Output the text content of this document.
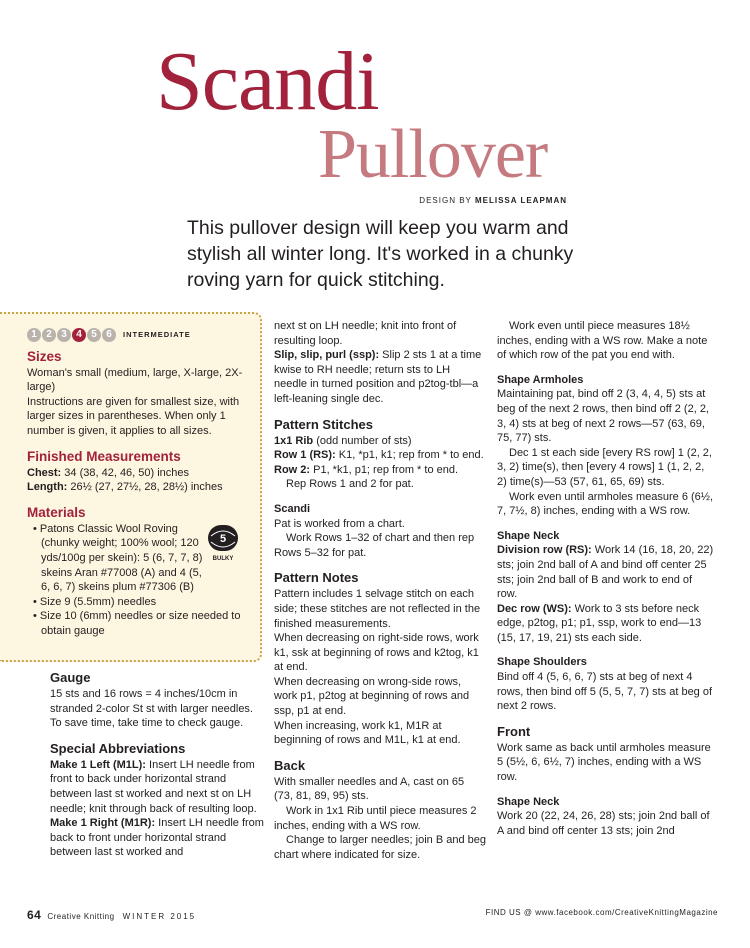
Scandi
Pullover
DESIGN BY MELISSA LEAPMAN

This pullover design will keep you warm and stylish all winter long. It's worked in a chunky roving yarn for quick stitching.

5
BULKY
1 2 3 4 5 6	INTERMEDIATE
Sizes

Woman's small (medium, large, X-large, 2X-large)

Instructions are given for smallest size, with larger sizes in parentheses. When only 1 number is given, it applies to all sizes.

Finished Measurements

Chest: 34 (38, 42, 46, 50) inches

Length: 26½ (27, 27½, 28, 28½) inches

Materials

• Patons Classic Wool Roving (chunky weight; 100% wool; 120 yds/100g per skein): 5 (6, 7, 7, 8) skeins Aran #77008 (A) and 4 (5, 6, 6, 7) skeins plum #77306 (B)

• Size 9 (5.5mm) needles

• Size 10 (6mm) needles or size needed to obtain gauge

Gauge

15 sts and 16 rows = 4 inches/10cm in stranded 2-color St st with larger needles.

To save time, take time to check gauge.

Special Abbreviations

Make 1 Left (M1L): Insert LH needle from front to back under horizontal strand between last st worked and next st on LH needle; knit through back of resulting loop.

Make 1 Right (M1R): Insert LH needle from back to front under horizontal strand between last st worked and

next st on LH needle; knit into front of resulting loop.

Slip, slip, purl (ssp): Slip 2 sts 1 at a time kwise to RH needle; return sts to LH needle in turned position and p2tog-tbl—a left-leaning single dec.

Pattern Stitches

1x1 Rib (odd number of sts)

Row 1 (RS): K1, *p1, k1; rep from * to end.

Row 2: P1, *k1, p1; rep from * to end.

Rep Rows 1 and 2 for pat.

Scandi

Pat is worked from a chart.

Work Rows 1–32 of chart and then rep Rows 5–32 for pat.

Pattern Notes

Pattern includes 1 selvage stitch on each side; these stitches are not reflected in the finished measurements.

When decreasing on right-side rows, work k1, ssk at beginning of rows and k2tog, k1 at end.

When decreasing on wrong-side rows, work p1, p2tog at beginning of rows and ssp, p1 at end.

When increasing, work k1, M1R at beginning of rows and M1L, k1 at end.

Back

With smaller needles and A, cast on 65 (73, 81, 89, 95) sts.

Work in 1x1 Rib until piece measures 2 inches, ending with a WS row.

Change to larger needles; join B and beg chart where indicated for size.

Work even until piece measures 18½ inches, ending with a WS row. Make a note of which row of the pat you end with.

Shape Armholes

Maintaining pat, bind off 2 (3, 4, 4, 5) sts at beg of the next 2 rows, then bind off 2 (2, 2, 3, 4) sts at beg of next 2 rows—57 (63, 69, 75, 77) sts.

Dec 1 st each side [every RS row] 1 (2, 2, 3, 2) time(s), then [every 4 rows] 1 (1, 2, 2, 2) time(s)—53 (57, 61, 65, 69) sts.

Work even until armholes measure 6 (6½, 7, 7½, 8) inches, ending with a WS row.

Shape Neck

Division row (RS): Work 14 (16, 18, 20, 22) sts; join 2nd ball of A and bind off center 25 sts; join 2nd ball of B and work to end of row.

Dec row (WS): Work to 3 sts before neck edge, p2tog, p1; p1, ssp, work to end—13 (15, 17, 19, 21) sts each side.

Shape Shoulders

Bind off 4 (5, 6, 6, 7) sts at beg of next 4 rows, then bind off 5 (5, 5, 7, 7) sts at beg of next 2 rows.

Front

Work same as back until armholes measure 5 (5½, 6, 6½, 7) inches, ending with a WS row.

Shape Neck

Work 20 (22, 24, 26, 28) sts; join 2nd ball of A and bind off center 13 sts; join 2nd

64 Creative Knitting WINTER 2015	FIND US @ www.facebook.com/CreativeKnittingMagazine
